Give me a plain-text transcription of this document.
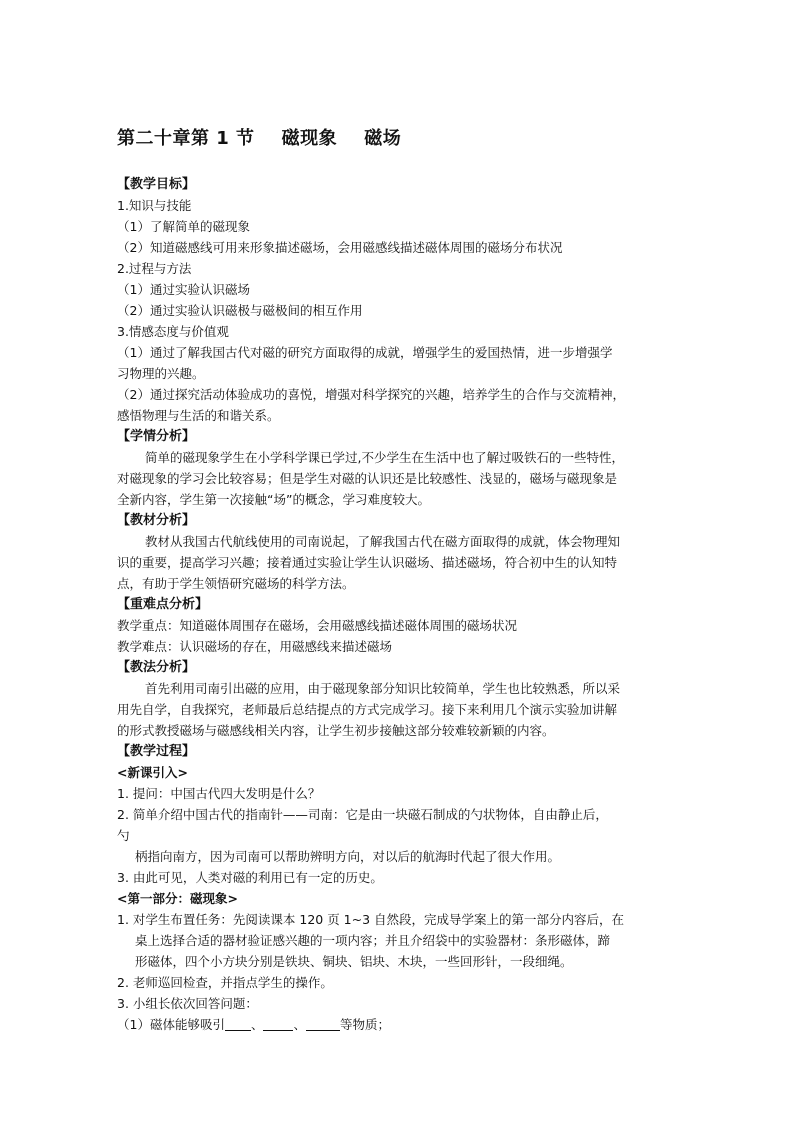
第二十章第 1 节    磁现象    磁场

【教学目标】

1.知识与技能

（1）了解简单的磁现象

（2）知道磁感线可用来形象描述磁场，会用磁感线描述磁体周围的磁场分布状况

2.过程与方法

（1）通过实验认识磁场

（2）通过实验认识磁极与磁极间的相互作用

3.情感态度与价值观

（1）通过了解我国古代对磁的研究方面取得的成就，增强学生的爱国热情，进一步增强学

习物理的兴趣。

（2）通过探究活动体验成功的喜悦，增强对科学探究的兴趣，培养学生的合作与交流精神，

感悟物理与生活的和谐关系。

【学情分析】

简单的磁现象学生在小学科学课已学过,不少学生在生活中也了解过吸铁石的一些特性，

对磁现象的学习会比较容易；但是学生对磁的认识还是比较感性、浅显的，磁场与磁现象是

全新内容，学生第一次接触“场”的概念，学习难度较大。

【教材分析】

教材从我国古代航线使用的司南说起，了解我国古代在磁方面取得的成就，体会物理知

识的重要，提高学习兴趣；接着通过实验让学生认识磁场、描述磁场，符合初中生的认知特

点，有助于学生领悟研究磁场的科学方法。

【重难点分析】

教学重点：知道磁体周围存在磁场，会用磁感线描述磁体周围的磁场状况

教学难点：认识磁场的存在，用磁感线来描述磁场

【教法分析】

首先利用司南引出磁的应用，由于磁现象部分知识比较简单，学生也比较熟悉，所以采

用先自学，自我探究，老师最后总结提点的方式完成学习。接下来利用几个演示实验加讲解

的形式教授磁场与磁感线相关内容，让学生初步接触这部分较难较新颖的内容。

【教学过程】

<新课引入>

1. 提问：中国古代四大发明是什么？

2. 简单介绍中国古代的指南针——司南：它是由一块磁石制成的勺状物体，自由静止后，

勺

柄指向南方，因为司南可以帮助辨明方向，对以后的航海时代起了很大作用。

3. 由此可见，人类对磁的利用已有一定的历史。

<第一部分：磁现象>

1. 对学生布置任务：先阅读课本 120 页 1~3 自然段，完成导学案上的第一部分内容后，在

桌上选择合适的器材验证感兴趣的一项内容；并且介绍袋中的实验器材：条形磁体，蹄

形磁体，四个小方块分别是铁块、铜块、铝块、木块，一些回形针，一段细绳。

2. 老师巡回检查，并指点学生的操作。

3. 小组长依次回答问题：

（1）磁体能够吸引 、 、	等物质；
